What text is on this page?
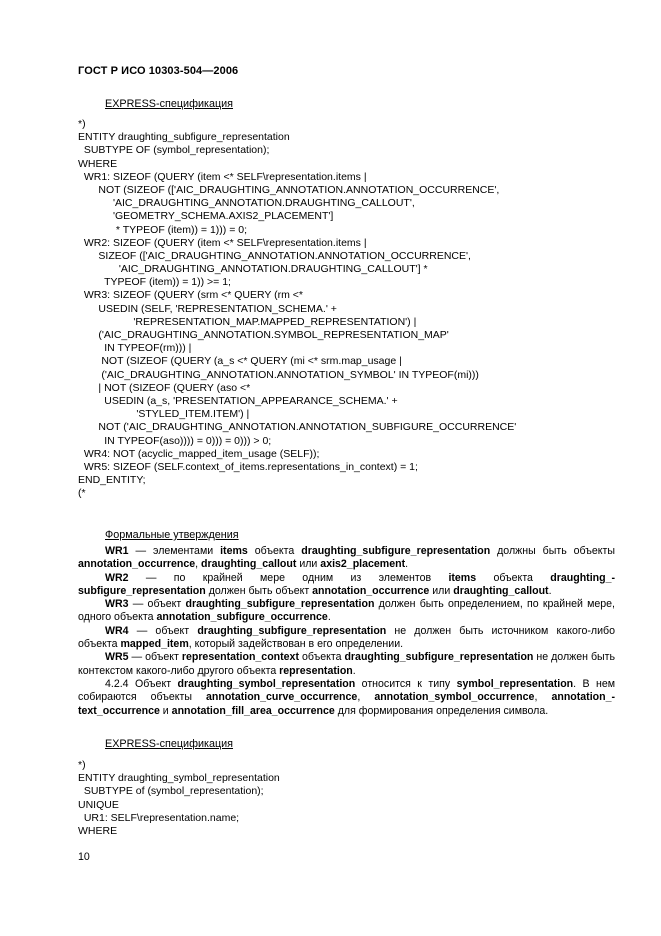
ГОСТ Р ИСО 10303-504—2006
EXPRESS-спецификация
*)
ENTITY draughting_subfigure_representation
SUBTYPE OF (symbol_representation);
WHERE
WR1: SIZEOF (QUERY (item <* SELF\representation.items |
NOT (SIZEOF (['AIC_DRAUGHTING_ANNOTATION.ANNOTATION_OCCURRENCE',
'AIC_DRAUGHTING_ANNOTATION.DRAUGHTING_CALLOUT',
'GEOMETRY_SCHEMA.AXIS2_PLACEMENT']
* TYPEOF (item)) = 1))) = 0;
WR2: SIZEOF (QUERY (item <* SELF\representation.items |
SIZEOF (['AIC_DRAUGHTING_ANNOTATION.ANNOTATION_OCCURRENCE',
'AIC_DRAUGHTING_ANNOTATION.DRAUGHTING_CALLOUT'] *
TYPEOF (item)) = 1)) >= 1;
WR3: SIZEOF (QUERY (srm <* QUERY (rm <*
USEDIN (SELF, 'REPRESENTATION_SCHEMA.' +
'REPRESENTATION_MAP.MAPPED_REPRESENTATION') |
('AIC_DRAUGHTING_ANNOTATION.SYMBOL_REPRESENTATION_MAP'
IN TYPEOF(rm))) |
NOT (SIZEOF (QUERY (a_s <* QUERY (mi <* srm.map_usage |
('AIC_DRAUGHTING_ANNOTATION.ANNOTATION_SYMBOL' IN TYPEOF(mi)))
| NOT (SIZEOF (QUERY (aso <*
USEDIN (a_s, 'PRESENTATION_APPEARANCE_SCHEMA.' +
'STYLED_ITEM.ITEM') |
NOT ('AIC_DRAUGHTING_ANNOTATION.ANNOTATION_SUBFIGURE_OCCURRENCE'
IN TYPEOF(aso)))) = 0))) = 0))) > 0;
WR4: NOT (acyclic_mapped_item_usage (SELF));
WR5: SIZEOF (SELF.context_of_items.representations_in_context) = 1;
END_ENTITY;
(*
Формальные утверждения

WR1 — элементами items объекта draughting_subfigure_representation должны быть объекты annotation_occurrence, draughting_callout или axis2_placement.

WR2 — по крайней мере одним из элементов items объекта draughting_-

subfigure_representation должен быть объект annotation_occurrence или draughting_callout.

WR3 — объект draughting_subfigure_representation должен быть определением, по крайней мере, одного объекта annotation_subfigure_occurrence.

WR4 — объект draughting_subfigure_representation не должен быть источником какого-либо объекта mapped_item, который задействован в его определении.

WR5 — объект representation_context объекта draughting_subfigure_representation не должен быть контекстом какого-либо другого объекта representation.

4.2.4 Объект draughting_symbol_representation относится к типу symbol_representation. В нем собираются объекты annotation_curve_occurrence, annotation_symbol_occurrence, annotation_-text_occurrence и annotation_fill_area_occurrence для формирования определения символа.

EXPRESS-спецификация
*)
ENTITY draughting_symbol_representation
SUBTYPE of (symbol_representation);
UNIQUE
UR1: SELF\representation.name;
WHERE
10
